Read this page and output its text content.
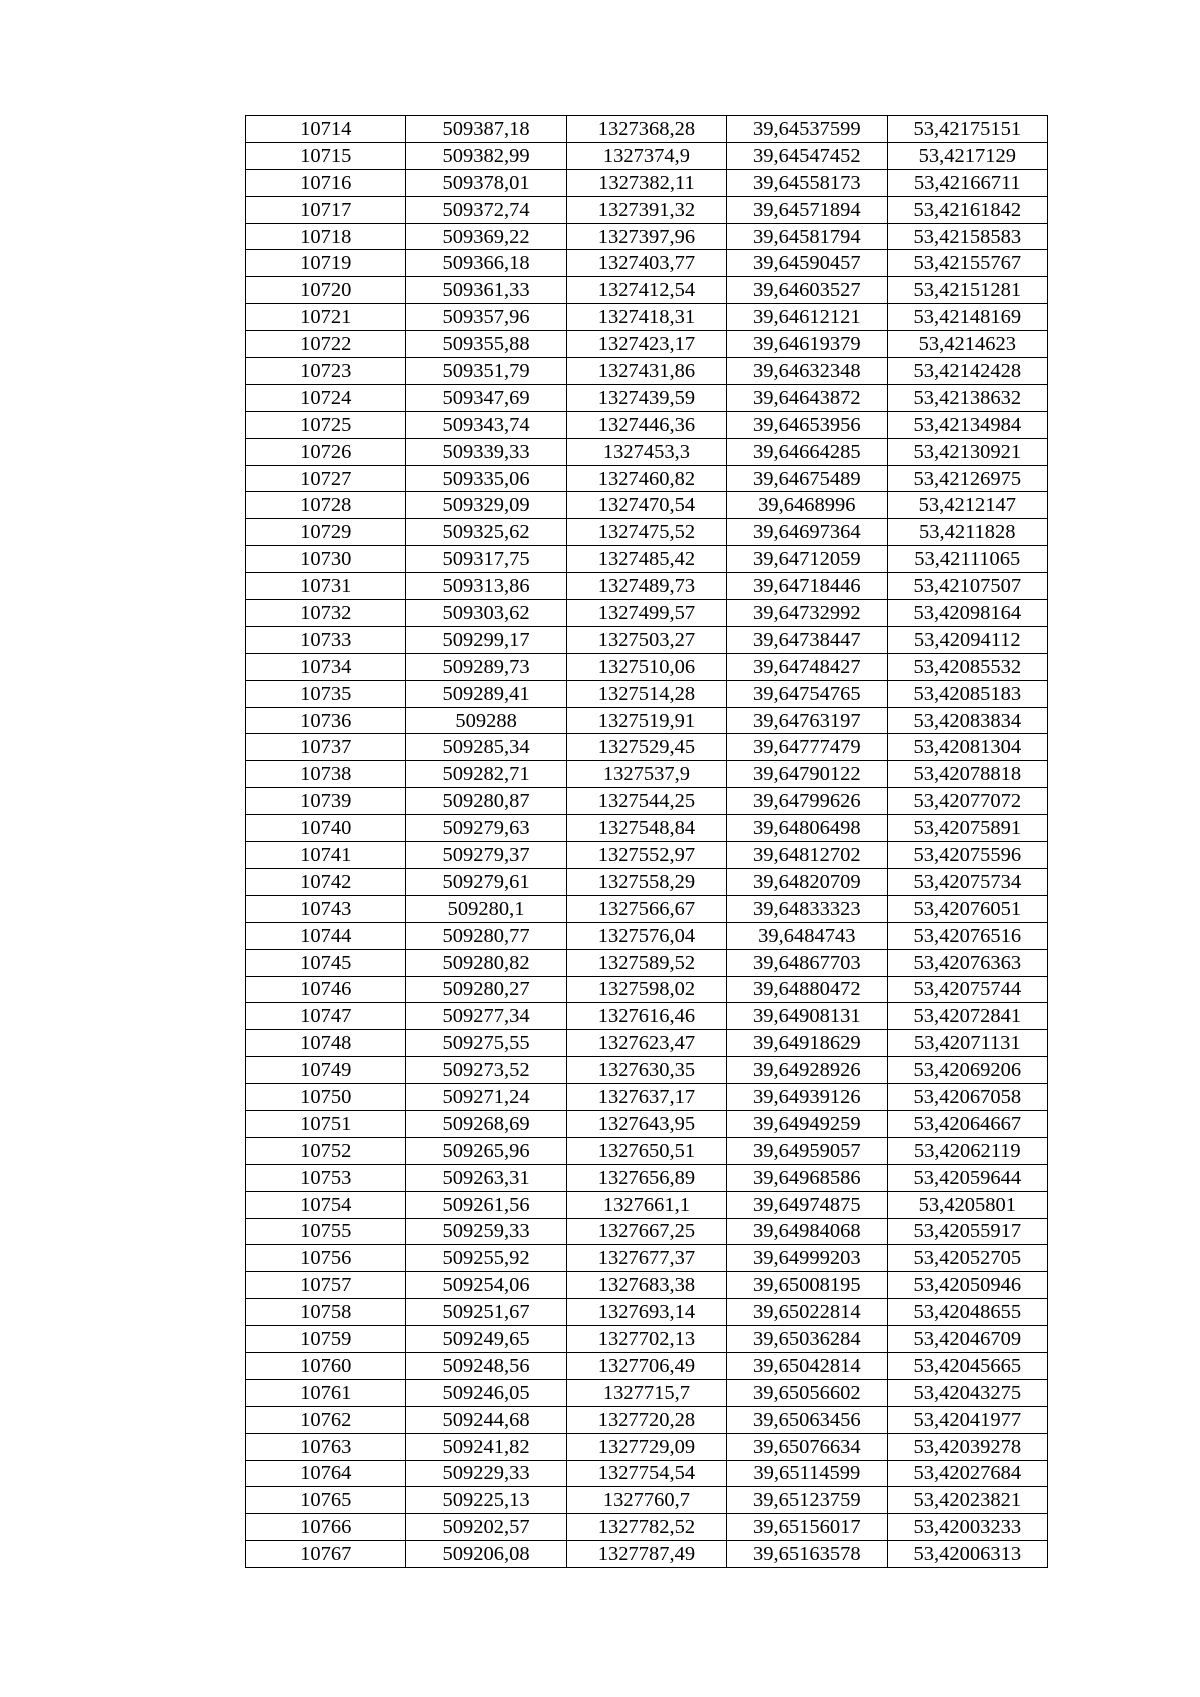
10714	509387,18	1327368,28	39,64537599	53,42175151
10715	509382,99	1327374,9	39,64547452	53,4217129
10716	509378,01	1327382,11	39,64558173	53,42166711
10717	509372,74	1327391,32	39,64571894	53,42161842
10718	509369,22	1327397,96	39,64581794	53,42158583
10719	509366,18	1327403,77	39,64590457	53,42155767
10720	509361,33	1327412,54	39,64603527	53,42151281
10721	509357,96	1327418,31	39,64612121	53,42148169
10722	509355,88	1327423,17	39,64619379	53,4214623
10723	509351,79	1327431,86	39,64632348	53,42142428
10724	509347,69	1327439,59	39,64643872	53,42138632
10725	509343,74	1327446,36	39,64653956	53,42134984
10726	509339,33	1327453,3	39,64664285	53,42130921
10727	509335,06	1327460,82	39,64675489	53,42126975
10728	509329,09	1327470,54	39,6468996	53,4212147
10729	509325,62	1327475,52	39,64697364	53,4211828
10730	509317,75	1327485,42	39,64712059	53,42111065
10731	509313,86	1327489,73	39,64718446	53,42107507
10732	509303,62	1327499,57	39,64732992	53,42098164
10733	509299,17	1327503,27	39,64738447	53,42094112
10734	509289,73	1327510,06	39,64748427	53,42085532
10735	509289,41	1327514,28	39,64754765	53,42085183
10736	509288	1327519,91	39,64763197	53,42083834
10737	509285,34	1327529,45	39,64777479	53,42081304
10738	509282,71	1327537,9	39,64790122	53,42078818
10739	509280,87	1327544,25	39,64799626	53,42077072
10740	509279,63	1327548,84	39,64806498	53,42075891
10741	509279,37	1327552,97	39,64812702	53,42075596
10742	509279,61	1327558,29	39,64820709	53,42075734
10743	509280,1	1327566,67	39,64833323	53,42076051
10744	509280,77	1327576,04	39,6484743	53,42076516
10745	509280,82	1327589,52	39,64867703	53,42076363
10746	509280,27	1327598,02	39,64880472	53,42075744
10747	509277,34	1327616,46	39,64908131	53,42072841
10748	509275,55	1327623,47	39,64918629	53,42071131
10749	509273,52	1327630,35	39,64928926	53,42069206
10750	509271,24	1327637,17	39,64939126	53,42067058
10751	509268,69	1327643,95	39,64949259	53,42064667
10752	509265,96	1327650,51	39,64959057	53,42062119
10753	509263,31	1327656,89	39,64968586	53,42059644
10754	509261,56	1327661,1	39,64974875	53,4205801
10755	509259,33	1327667,25	39,64984068	53,42055917
10756	509255,92	1327677,37	39,64999203	53,42052705
10757	509254,06	1327683,38	39,65008195	53,42050946
10758	509251,67	1327693,14	39,65022814	53,42048655
10759	509249,65	1327702,13	39,65036284	53,42046709
10760	509248,56	1327706,49	39,65042814	53,42045665
10761	509246,05	1327715,7	39,65056602	53,42043275
10762	509244,68	1327720,28	39,65063456	53,42041977
10763	509241,82	1327729,09	39,65076634	53,42039278
10764	509229,33	1327754,54	39,65114599	53,42027684
10765	509225,13	1327760,7	39,65123759	53,42023821
10766	509202,57	1327782,52	39,65156017	53,42003233
10767	509206,08	1327787,49	39,65163578	53,42006313
